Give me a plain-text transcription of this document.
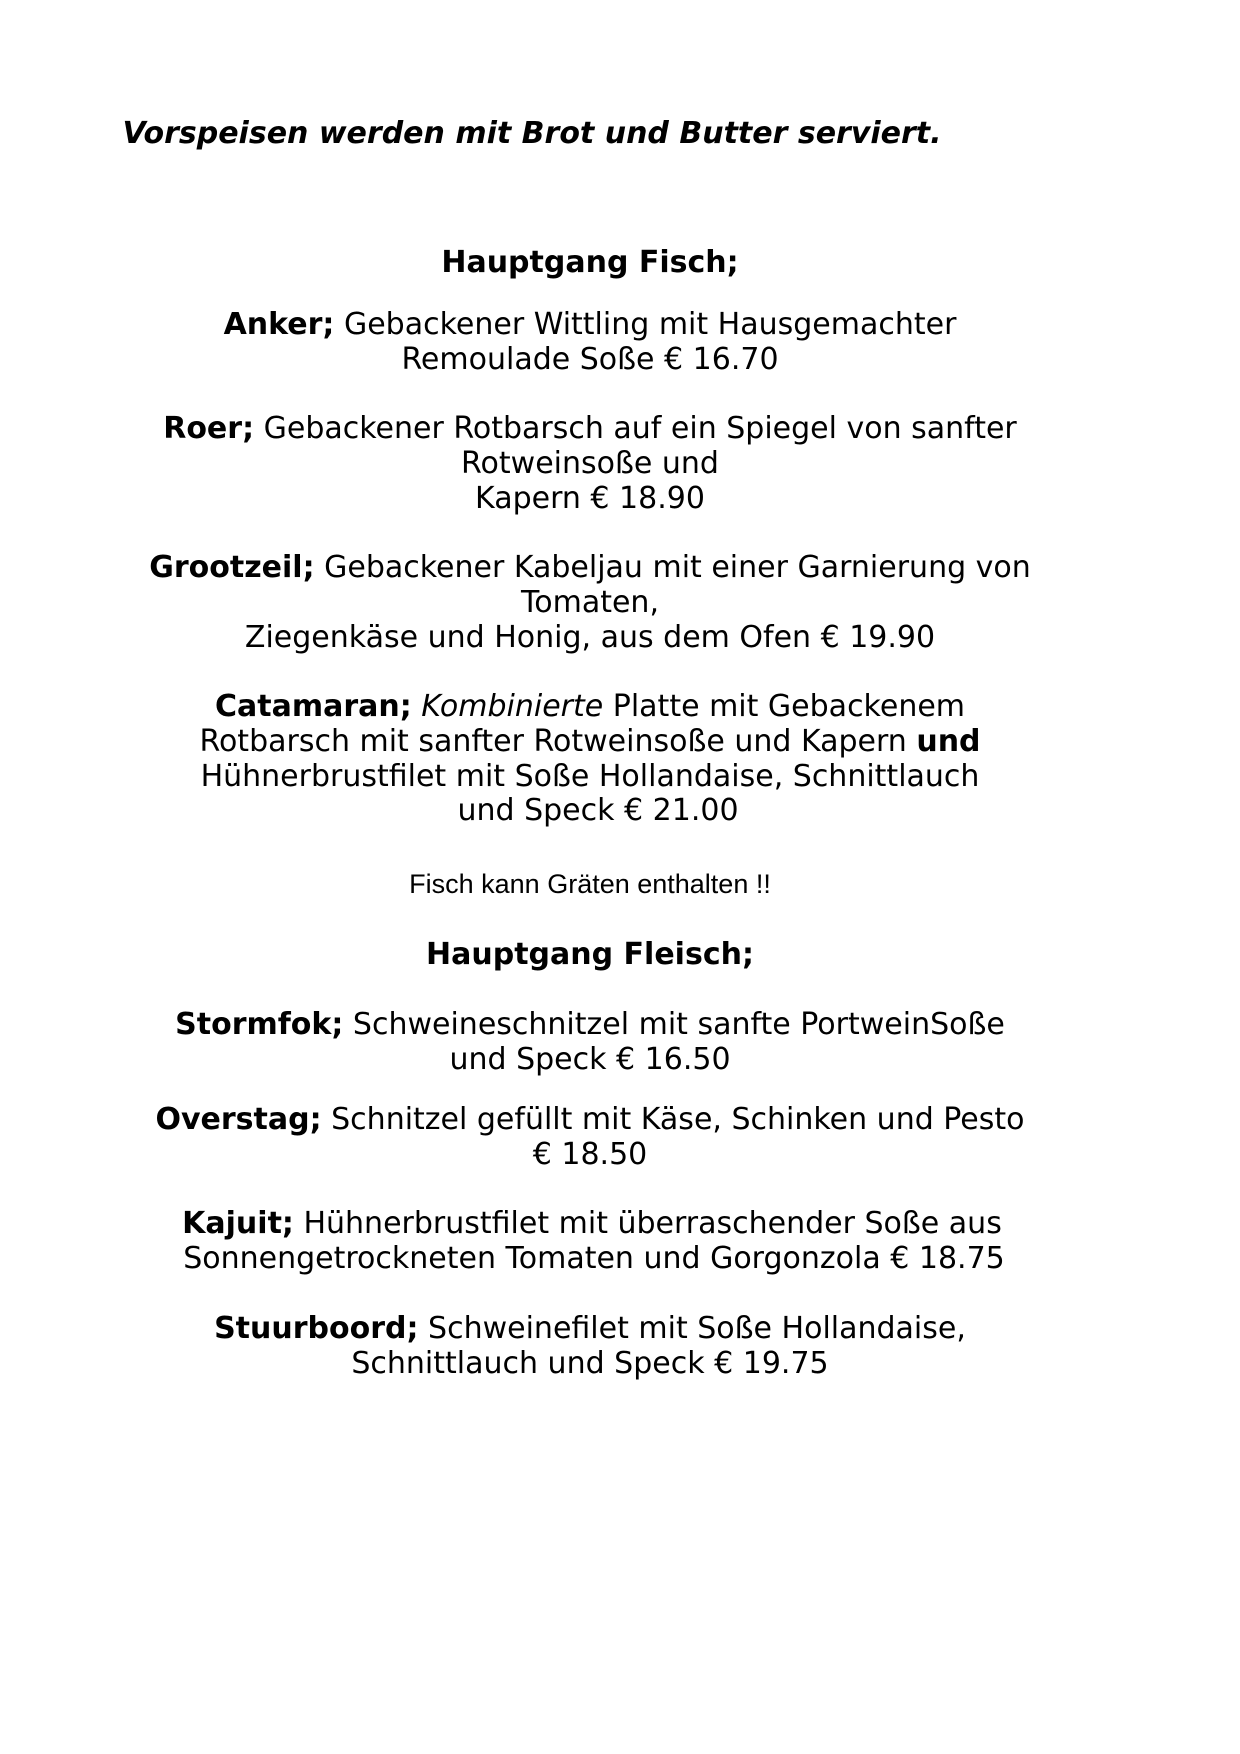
Vorspeisen werden mit Brot und Butter serviert.
Hauptgang Fisch;
Anker; Gebackener Wittling mit Hausgemachter
Remoulade Soße € 16.70
Roer; Gebackener Rotbarsch auf ein Spiegel von sanfter
Rotweinsoße und
Kapern € 18.90
Grootzeil; Gebackener Kabeljau mit einer Garnierung von
Tomaten,
Ziegenkäse und Honig, aus dem Ofen € 19.90
Catamaran; Kombinierte Platte mit Gebackenem
Rotbarsch mit sanfter Rotweinsoße und Kapern und
Hühnerbrustfilet mit Soße Hollandaise, Schnittlauch
und Speck € 21.00
Fisch kann Gräten enthalten !!
Hauptgang Fleisch;
Stormfok; Schweineschnitzel mit sanfte PortweinSoße
und Speck € 16.50
Overstag; Schnitzel gefüllt mit Käse, Schinken und Pesto
€ 18.50
Kajuit; Hühnerbrustfilet mit überraschender Soße aus
Sonnengetrockneten Tomaten und Gorgonzola € 18.75
Stuurboord; Schweinefilet mit Soße Hollandaise,
Schnittlauch und Speck € 19.75
